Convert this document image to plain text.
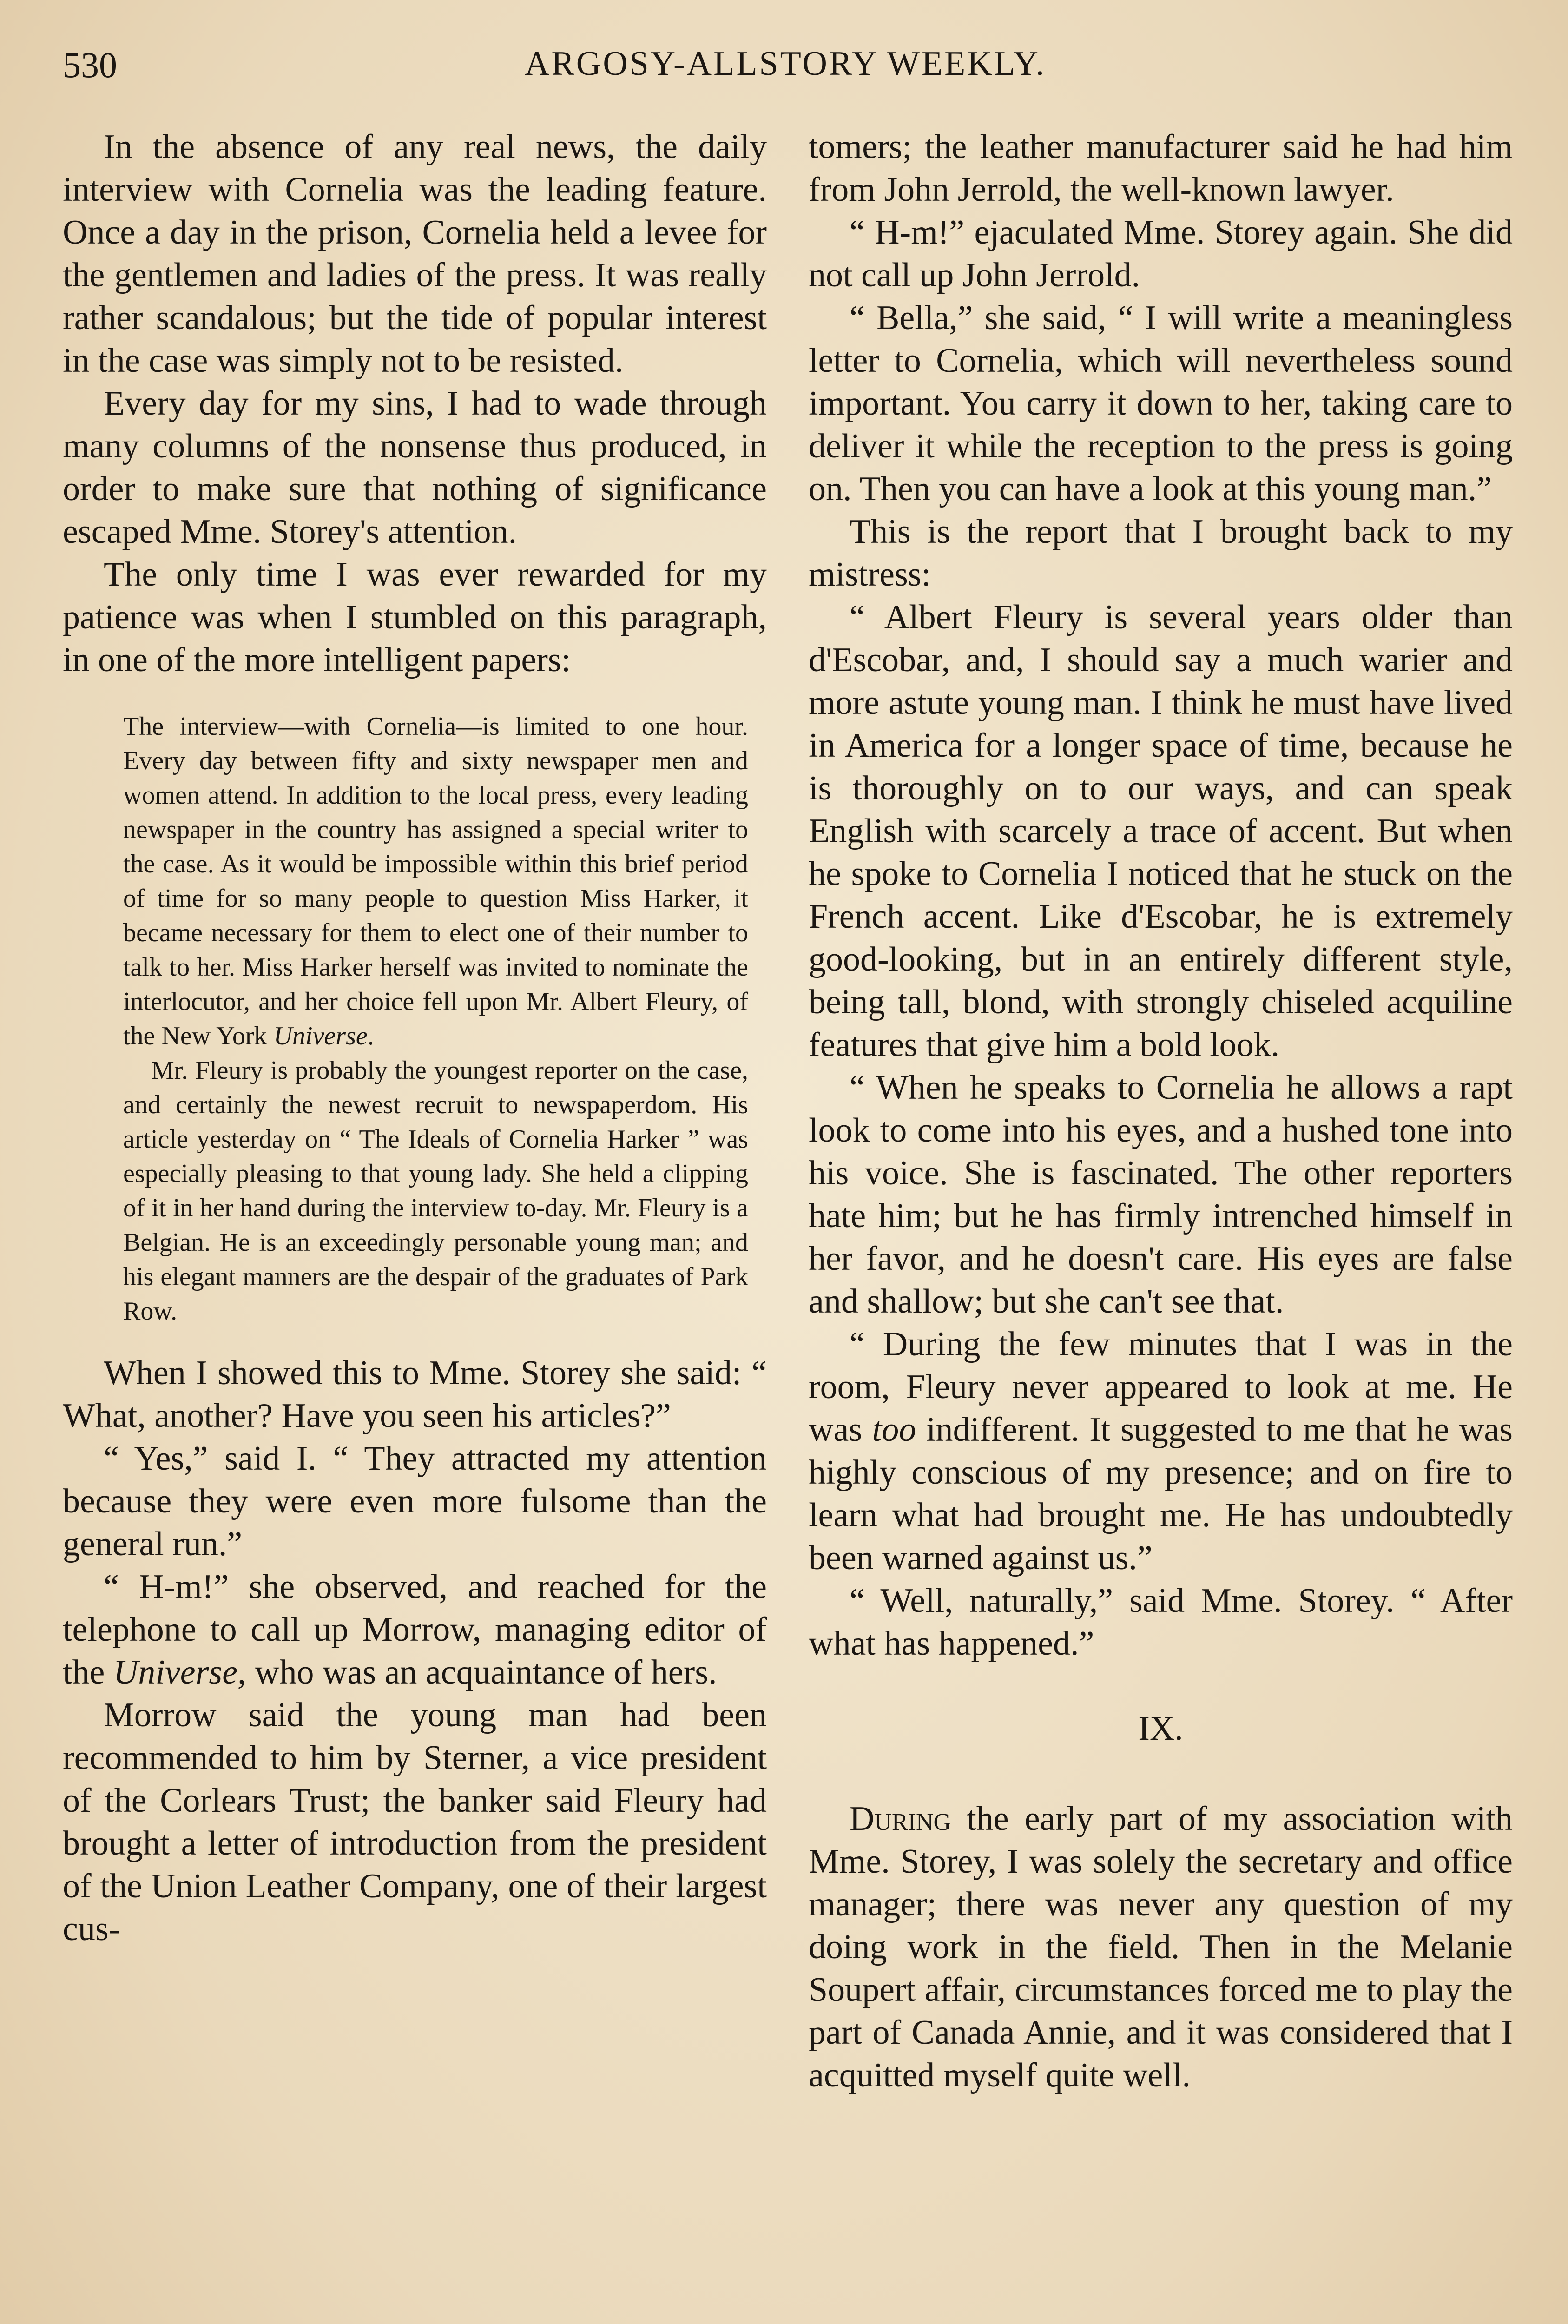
530	ARGOSY-ALLSTORY WEEKLY.

In the absence of any real news, the daily interview with Cornelia was the leading feature. Once a day in the prison, Cornelia held a levee for the gentlemen and ladies of the press. It was really rather scandalous; but the tide of popular interest in the case was simply not to be resisted.

Every day for my sins, I had to wade through many columns of the nonsense thus produced, in order to make sure that nothing of significance escaped Mme. Storey's attention.

The only time I was ever rewarded for my patience was when I stumbled on this paragraph, in one of the more intelligent papers:

The interview—with Cornelia—is limited to one hour. Every day between fifty and sixty newspaper men and women attend. In addition to the local press, every leading newspaper in the country has assigned a special writer to the case. As it would be impossible within this brief period of time for so many people to question Miss Harker, it became necessary for them to elect one of their number to talk to her. Miss Harker herself was invited to nominate the interlocutor, and her choice fell upon Mr. Albert Fleury, of the New York Universe.

Mr. Fleury is probably the youngest reporter on the case, and certainly the newest recruit to newspaperdom. His article yesterday on “ The Ideals of Cornelia Harker ” was especially pleasing to that young lady. She held a clipping of it in her hand during the interview to-day. Mr. Fleury is a Belgian. He is an exceedingly personable young man; and his elegant manners are the despair of the graduates of Park Row.

When I showed this to Mme. Storey she said: “ What, another? Have you seen his articles?”

“ Yes,” said I. “ They attracted my attention because they were even more fulsome than the general run.”

“ H-m!” she observed, and reached for the telephone to call up Morrow, managing editor of the Universe, who was an acquaintance of hers.

Morrow said the young man had been recommended to him by Sterner, a vice president of the Corlears Trust; the banker said Fleury had brought a letter of introduction from the president of the Union Leather Company, one of their largest cus-

tomers; the leather manufacturer said he had him from John Jerrold, the well-known lawyer.

“ H-m!” ejaculated Mme. Storey again. She did not call up John Jerrold.

“ Bella,” she said, “ I will write a meaningless letter to Cornelia, which will nevertheless sound important. You carry it down to her, taking care to deliver it while the reception to the press is going on. Then you can have a look at this young man.”

This is the report that I brought back to my mistress:

“ Albert Fleury is several years older than d'Escobar, and, I should say a much warier and more astute young man. I think he must have lived in America for a longer space of time, because he is thoroughly on to our ways, and can speak English with scarcely a trace of accent. But when he spoke to Cornelia I noticed that he stuck on the French accent. Like d'Escobar, he is extremely good-looking, but in an entirely different style, being tall, blond, with strongly chiseled acquiline features that give him a bold look.

“ When he speaks to Cornelia he allows a rapt look to come into his eyes, and a hushed tone into his voice. She is fascinated. The other reporters hate him; but he has firmly intrenched himself in her favor, and he doesn't care. His eyes are false and shallow; but she can't see that.

“ During the few minutes that I was in the room, Fleury never appeared to look at me. He was too indifferent. It suggested to me that he was highly conscious of my presence; and on fire to learn what had brought me. He has undoubtedly been warned against us.”

“ Well, naturally,” said Mme. Storey. “ After what has happened.”

IX.

During the early part of my association with Mme. Storey, I was solely the secretary and office manager; there was never any question of my doing work in the field. Then in the Melanie Soupert affair, circumstances forced me to play the part of Canada Annie, and it was considered that I acquitted myself quite well.
